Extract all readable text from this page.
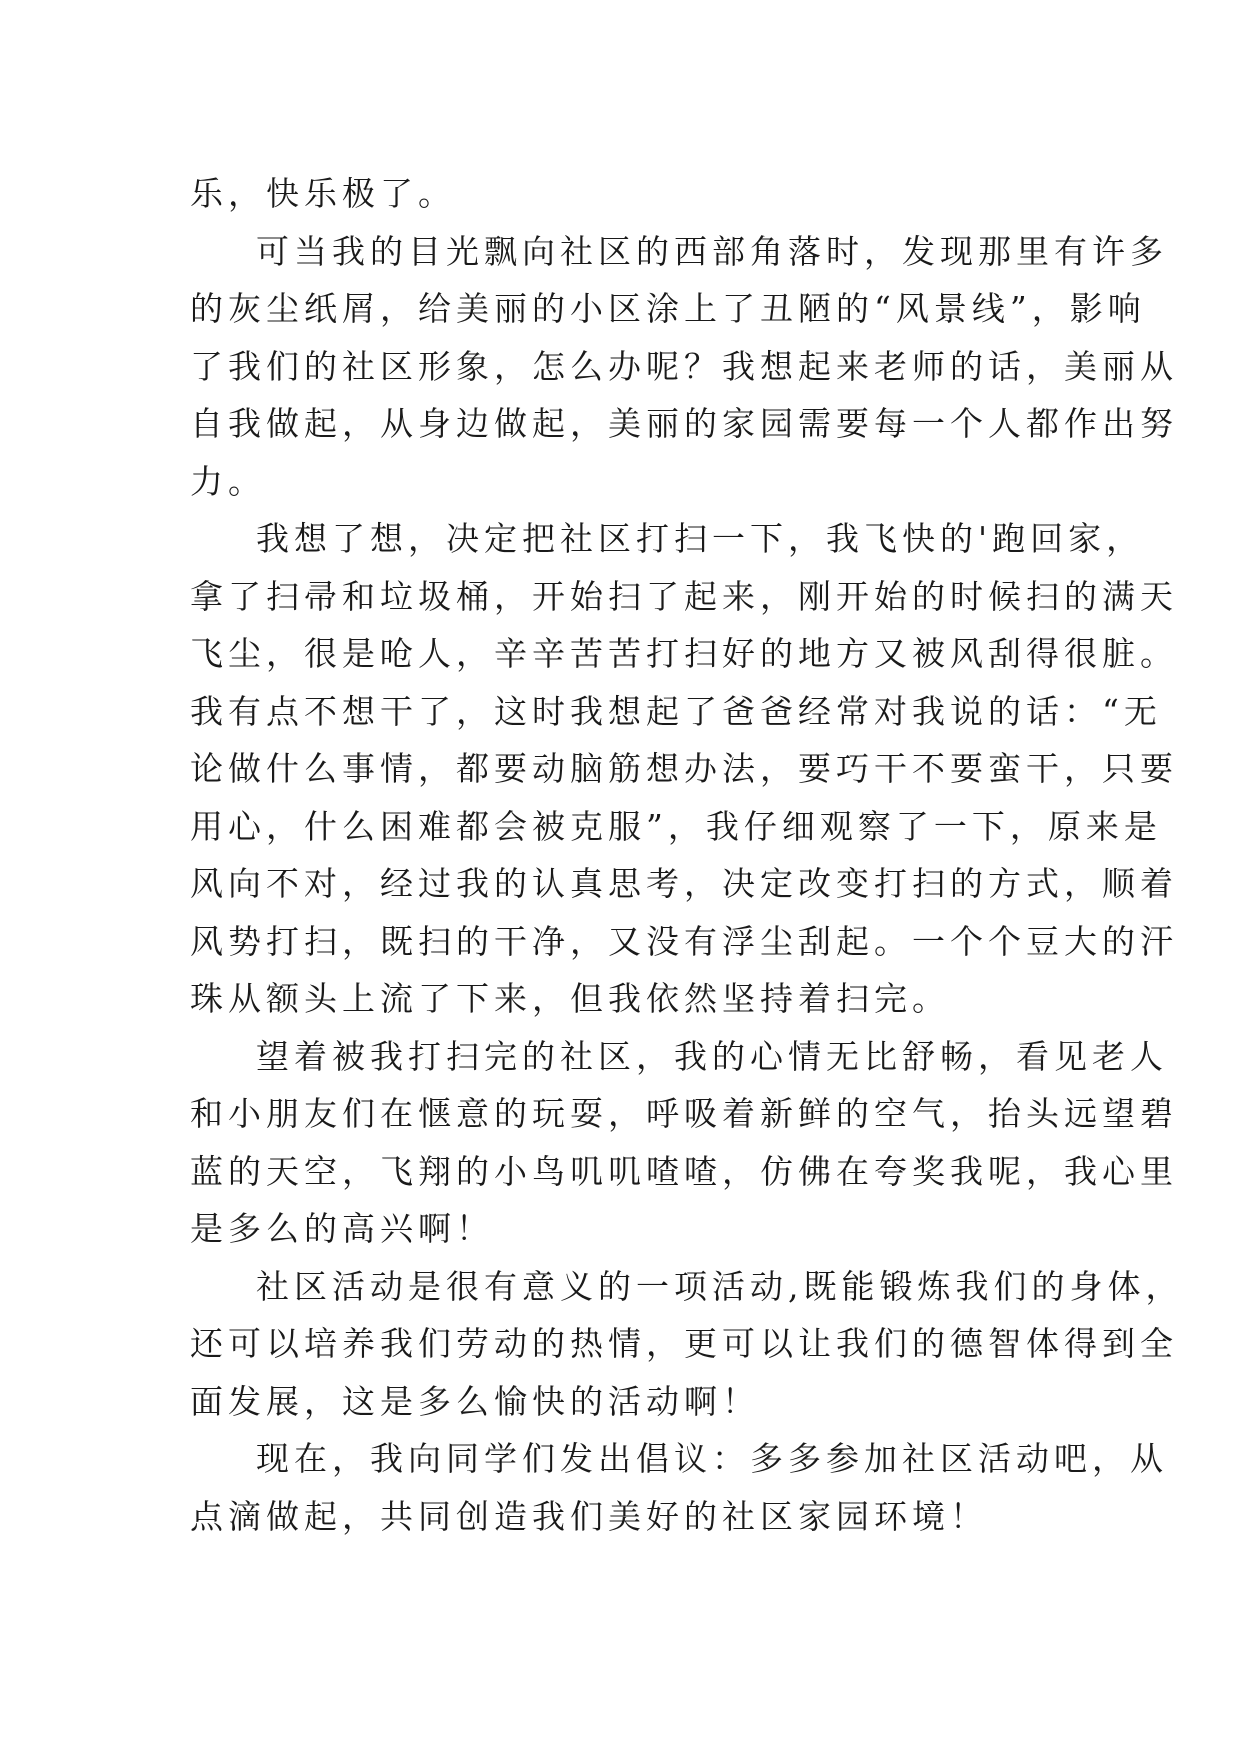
乐，快乐极了。
可当我的目光飘向社区的西部角落时，发现那里有许多
的灰尘纸屑，给美丽的小区涂上了丑陋的“风景线”，影响
了我们的社区形象，怎么办呢？我想起来老师的话，美丽从
自我做起，从身边做起，美丽的家园需要每一个人都作出努
力。
我想了想，决定把社区打扫一下，我飞快的'跑回家，
拿了扫帚和垃圾桶，开始扫了起来，刚开始的时候扫的满天
飞尘，很是呛人，辛辛苦苦打扫好的地方又被风刮得很脏。
我有点不想干了，这时我想起了爸爸经常对我说的话：“无
论做什么事情，都要动脑筋想办法，要巧干不要蛮干，只要
用心，什么困难都会被克服”，我仔细观察了一下，原来是
风向不对，经过我的认真思考，决定改变打扫的方式，顺着
风势打扫，既扫的干净，又没有浮尘刮起。一个个豆大的汗
珠从额头上流了下来，但我依然坚持着扫完。
望着被我打扫完的社区，我的心情无比舒畅，看见老人
和小朋友们在惬意的玩耍，呼吸着新鲜的空气，抬头远望碧
蓝的天空，飞翔的小鸟叽叽喳喳，仿佛在夸奖我呢，我心里
是多么的高兴啊！
社区活动是很有意义的一项活动,既能锻炼我们的身体，
还可以培养我们劳动的热情，更可以让我们的德智体得到全
面发展，这是多么愉快的活动啊！
现在，我向同学们发出倡议：多多参加社区活动吧，从
点滴做起，共同创造我们美好的社区家园环境！
